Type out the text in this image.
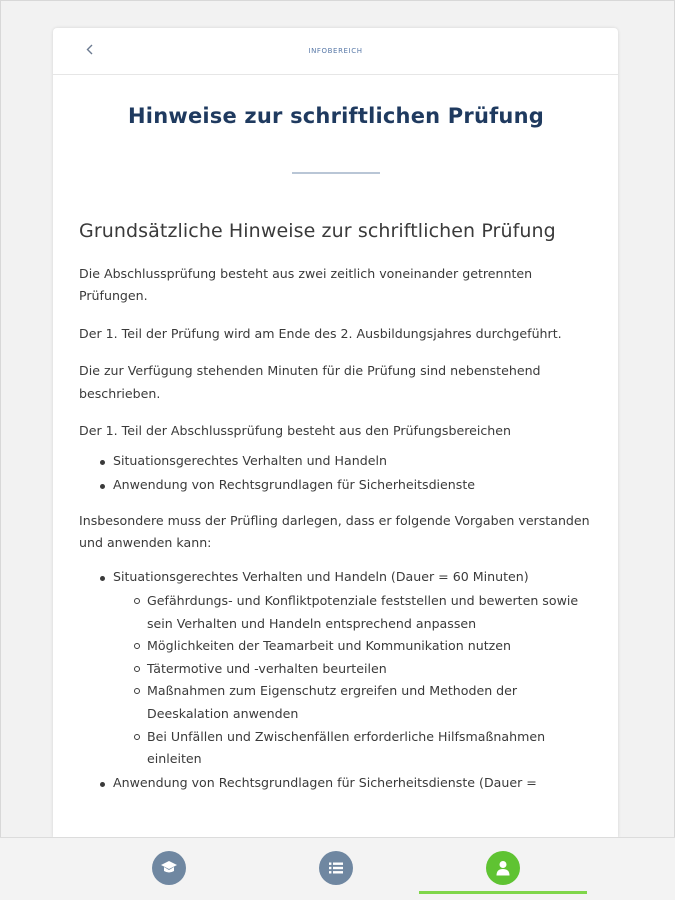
INFOBEREICH
Hinweise zur schriftlichen Prüfung
Grundsätzliche Hinweise zur schriftlichen Prüfung

Die Abschlussprüfung besteht aus zwei zeitlich voneinander getrennten Prüfungen.

Der 1. Teil der Prüfung wird am Ende des 2. Ausbildungsjahres durchgeführt.

Die zur Verfügung stehenden Minuten für die Prüfung sind nebenstehend beschrieben.

Der 1. Teil der Abschlussprüfung besteht aus den Prüfungsbereichen

Situationsgerechtes Verhalten und Handeln
Anwendung von Rechtsgrundlagen für Sicherheitsdienste

Insbesondere muss der Prüfling darlegen, dass er folgende Vorgaben verstanden und anwenden kann:

Situationsgerechtes Verhalten und Handeln (Dauer = 60 Minuten)
Gefährdungs- und Konfliktpotenziale feststellen und bewerten sowie sein Verhalten und Handeln entsprechend anpassen
Möglichkeiten der Teamarbeit und Kommunikation nutzen
Tätermotive und -verhalten beurteilen
Maßnahmen zum Eigenschutz ergreifen und Methoden der Deeskalation anwenden
Bei Unfällen und Zwischenfällen erforderliche Hilfsmaßnahmen einleiten
Anwendung von Rechtsgrundlagen für Sicherheitsdienste (Dauer =
